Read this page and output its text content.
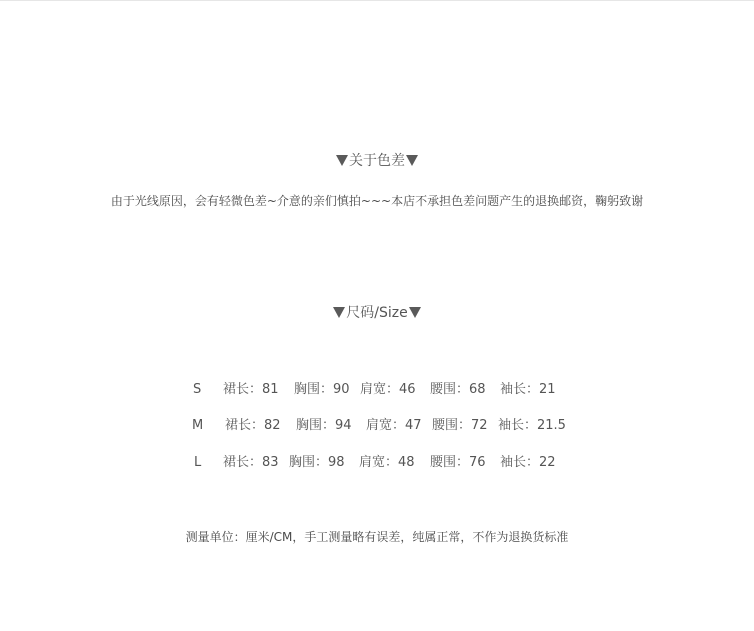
关于色差
由于光线原因，会有轻微色差~介意的亲们慎拍~~~本店不承担色差问题产生的退换邮资，鞠躬致谢
尺码/Size
S 裙长：81 胸围：90 肩宽：46 腰围：68 袖长：21
M 裙长：82 胸围：94 肩宽：47 腰围：72 袖长：21.5
L 裙长：83 胸围：98 肩宽：48 腰围：76 袖长：22
测量单位：厘米/CM，手工测量略有误差，纯属正常，不作为退换货标准
